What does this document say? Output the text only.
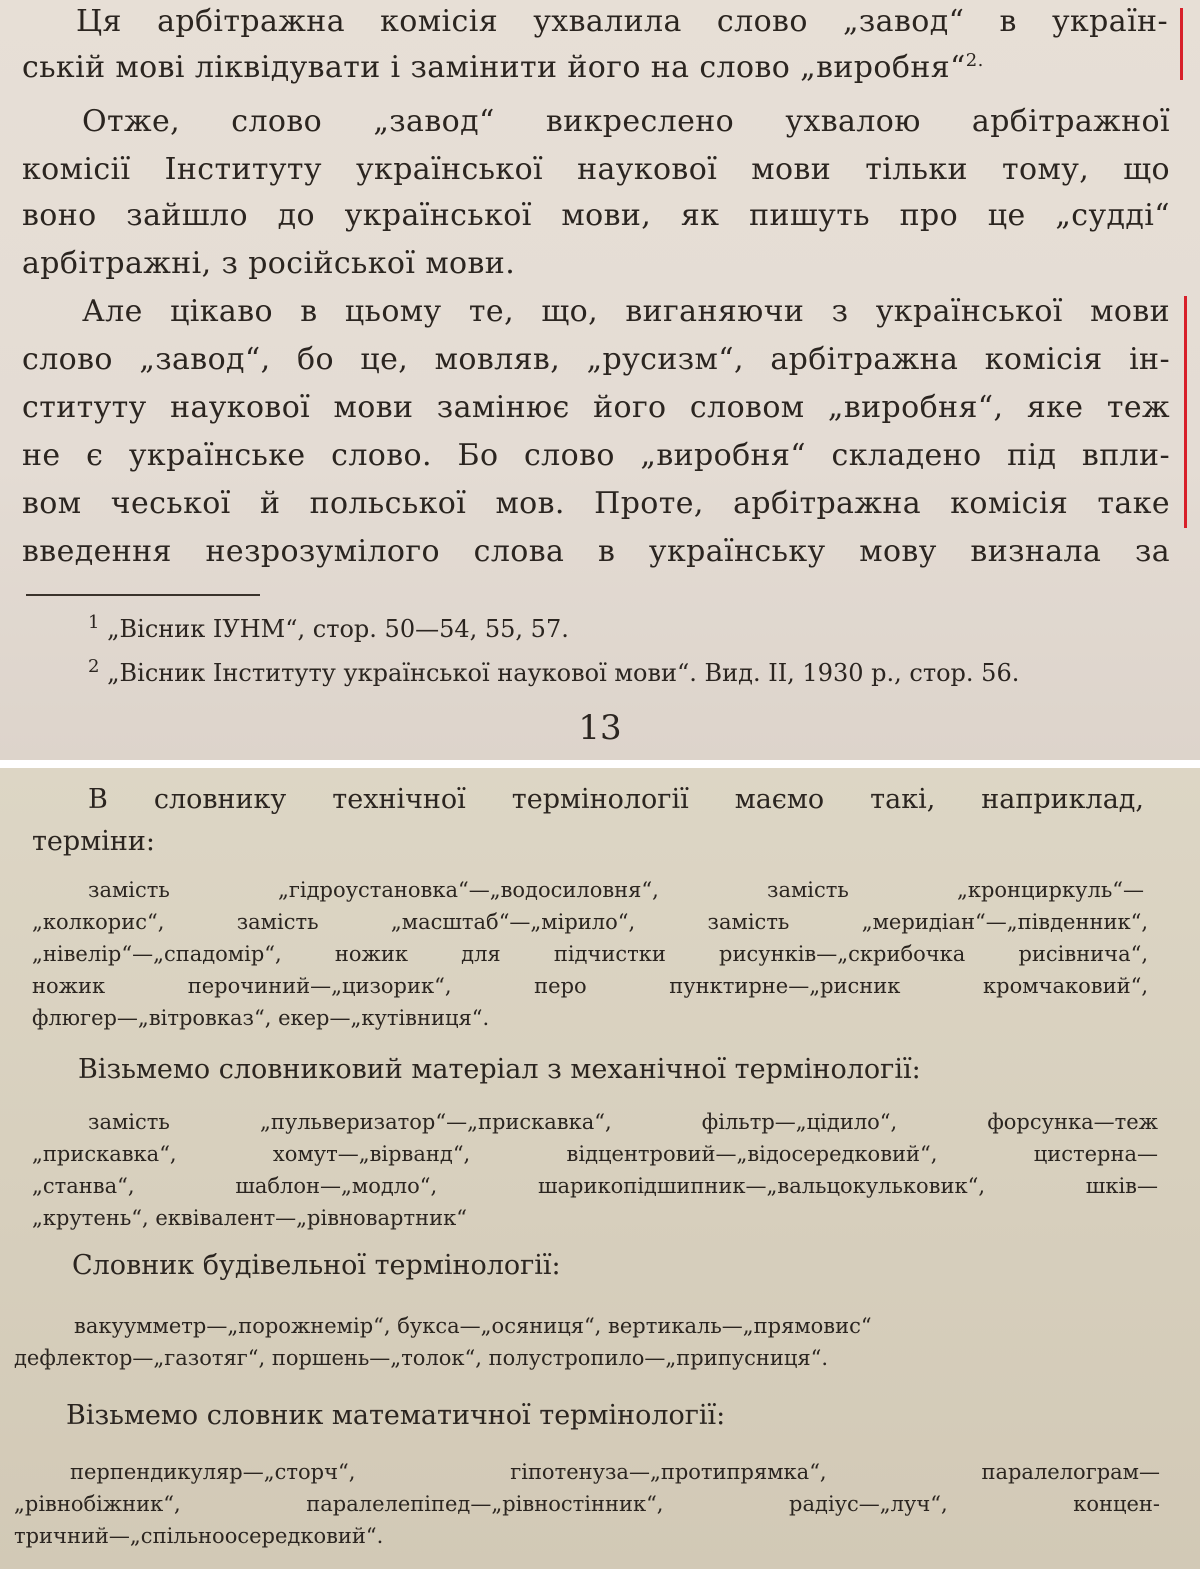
Ця арбітражна комісія ухвалила слово „завод“ в україн-

ській мові ліквідувати і замінити його на слово „виробня“$^{2.}$

Отже, слово „завод“ викреслено ухвалою арбітражної

комісії Інституту української наукової мови тільки тому, що

воно зайшло до української мови, як пишуть про це „судді“

арбітражні, з російської мови.

Але цікаво в цьому те, що, виганяючи з української мови

слово „завод“, бо це, мовляв, „русизм“, арбітражна комісія ін-

ституту наукової мови замінює його словом „виробня“, яке теж

не є українське слово. Бо слово „виробня“ складено під впли-

вом чеської й польської мов. Проте, арбітражна комісія таке

введення незрозумілого слова в українську мову визнала за

$^1$ „Вісник ІУНМ“, стор. 50—54, 55, 57.

$^2$ „Вісник Інституту української наукової мови“. Вид. II, 1930 р., стор. 56.

13

В словнику технічної термінології маємо такі, наприклад,

терміни:

замість „гідроустановка“—„водосиловня“, замість „кронциркуль“—

„колкорис“, замість „масштаб“—„мірило“, замість „меридіан“—„південник“,

„нівелір“—„спадомір“, ножик для підчистки рисунків—„скрибочка рисівнича“,

ножик перочиний—„цизорик“, перо пунктирне—„рисник кромчаковий“,

флюгер—„вітровказ“, екер—„кутівниця“.

Візьмемо словниковий матеріал з механічної термінології:

замість „пульверизатор“—„прискавка“, фільтр—„цідило“, форсунка—теж

„прискавка“, хомут—„вірванд“, відцентровий—„відосередковий“, цистерна—

„станва“, шаблон—„модло“, шарикопідшипник—„вальцокульковик“, шків—

„крутень“, еквівалент—„рівновартник“

Словник будівельної термінології:

вакуумметр—„порожнемір“, букса—„осяниця“, вертикаль—„прямовис“

дефлектор—„газотяг“, поршень—„толок“, полустропило—„припусниця“.

Візьмемо словник математичної термінології:

перпендикуляр—„сторч“, гіпотенуза—„протипрямка“, паралелограм—

„рівнобіжник“, паралелепіпед—„рівностінник“, радіус—„луч“, концен-

тричний—„спільноосередковий“.
